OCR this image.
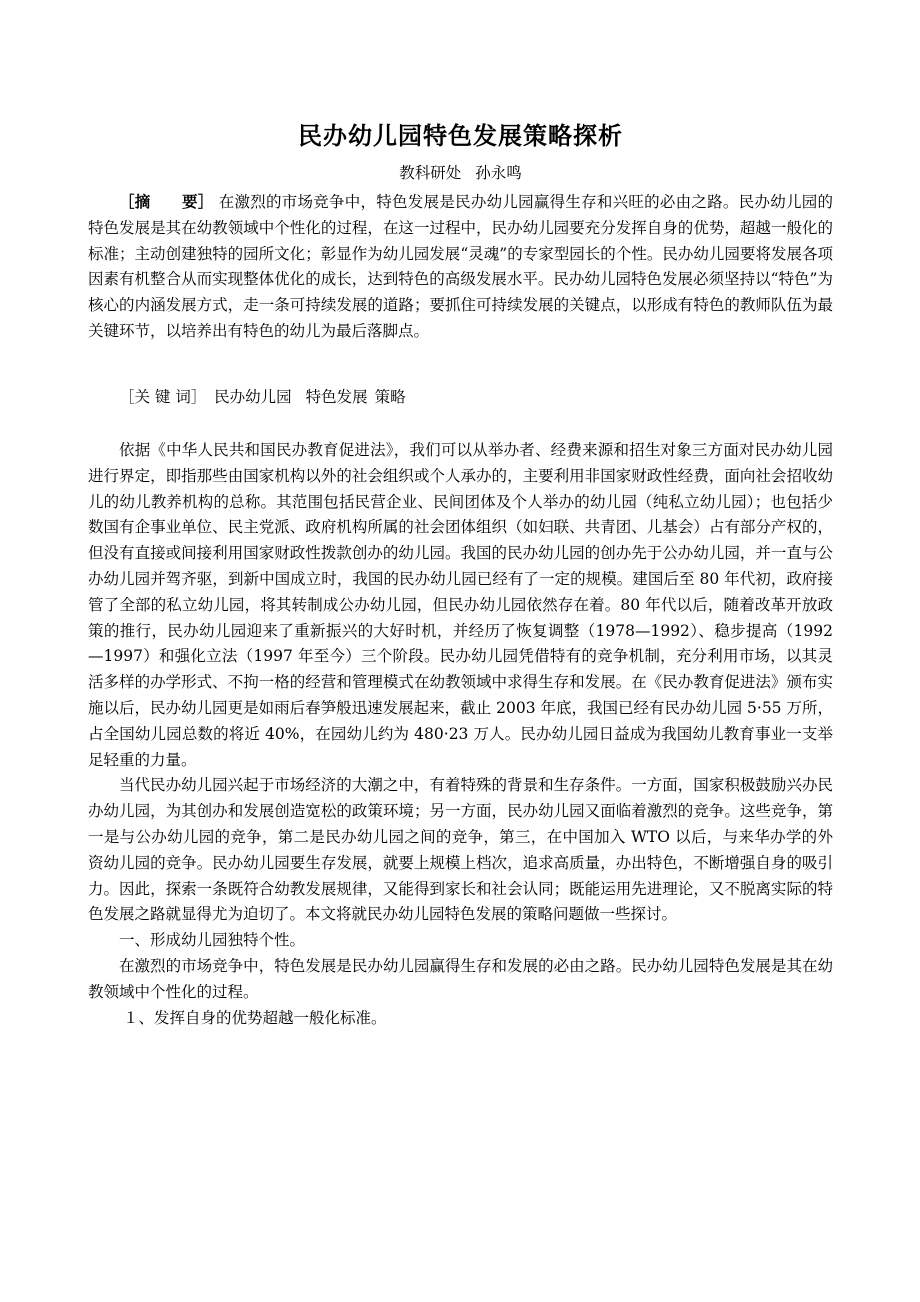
民办幼儿园特色发展策略探析
教科研处 孙永鸣

［摘　　要］ 在激烈的市场竞争中，特色发展是民办幼儿园赢得生存和兴旺的必由之路。民办幼儿园的特色发展是其在幼教领域中个性化的过程，在这一过程中，民办幼儿园要充分发挥自身的优势，超越一般化的标准；主动创建独特的园所文化；彰显作为幼儿园发展“灵魂”的专家型园长的个性。民办幼儿园要将发展各项因素有机整合从而实现整体优化的成长，达到特色的高级发展水平。民办幼儿园特色发展必须坚持以“特色”为核心的内涵发展方式，走一条可持续发展的道路；要抓住可持续发展的关键点，以形成有特色的教师队伍为最关键环节，以培养出有特色的幼儿为最后落脚点。

［关 键 词］　 民办幼儿园 特色发展 策略

依据《中华人民共和国民办教育促进法》，我们可以从举办者、经费来源和招生对象三方面对民办幼儿园进行界定，即指那些由国家机构以外的社会组织或个人承办的，主要利用非国家财政性经费，面向社会招收幼儿的幼儿教养机构的总称。其范围包括民营企业、民间团体及个人举办的幼儿园（纯私立幼儿园）；也包括少数国有企事业单位、民主党派、政府机构所属的社会团体组织（如妇联、共青团、儿基会）占有部分产权的，但没有直接或间接利用国家财政性拨款创办的幼儿园。我国的民办幼儿园的创办先于公办幼儿园，并一直与公办幼儿园并驾齐驱，到新中国成立时，我国的民办幼儿园已经有了一定的规模。建国后至 80 年代初，政府接管了全部的私立幼儿园，将其转制成公办幼儿园，但民办幼儿园依然存在着。80 年代以后，随着改革开放政策的推行，民办幼儿园迎来了重新振兴的大好时机，并经历了恢复调整（1978—1992）、稳步提高（1992—1997）和强化立法（1997 年至今）三个阶段。民办幼儿园凭借特有的竞争机制，充分利用市场，以其灵活多样的办学形式、不拘一格的经营和管理模式在幼教领域中求得生存和发展。在《民办教育促进法》颁布实施以后，民办幼儿园更是如雨后春笋般迅速发展起来，截止 2003 年底，我国已经有民办幼儿园 5·55 万所，占全国幼儿园总数的将近 40%，在园幼儿约为 480·23 万人。民办幼儿园日益成为我国幼儿教育事业一支举足轻重的力量。

当代民办幼儿园兴起于市场经济的大潮之中，有着特殊的背景和生存条件。一方面，国家积极鼓励兴办民办幼儿园，为其创办和发展创造宽松的政策环境；另一方面，民办幼儿园又面临着激烈的竞争。这些竞争，第一是与公办幼儿园的竞争，第二是民办幼儿园之间的竞争，第三，在中国加入 WTO 以后，与来华办学的外资幼儿园的竞争。民办幼儿园要生存发展，就要上规模上档次，追求高质量，办出特色，不断增强自身的吸引力。因此，探索一条既符合幼教发展规律，又能得到家长和社会认同；既能运用先进理论，又不脱离实际的特色发展之路就显得尤为迫切了。本文将就民办幼儿园特色发展的策略问题做一些探讨。

一、形成幼儿园独特个性。

在激烈的市场竞争中，特色发展是民办幼儿园赢得生存和发展的必由之路。民办幼儿园特色发展是其在幼教领域中个性化的过程。

１、发挥自身的优势超越一般化标准。
